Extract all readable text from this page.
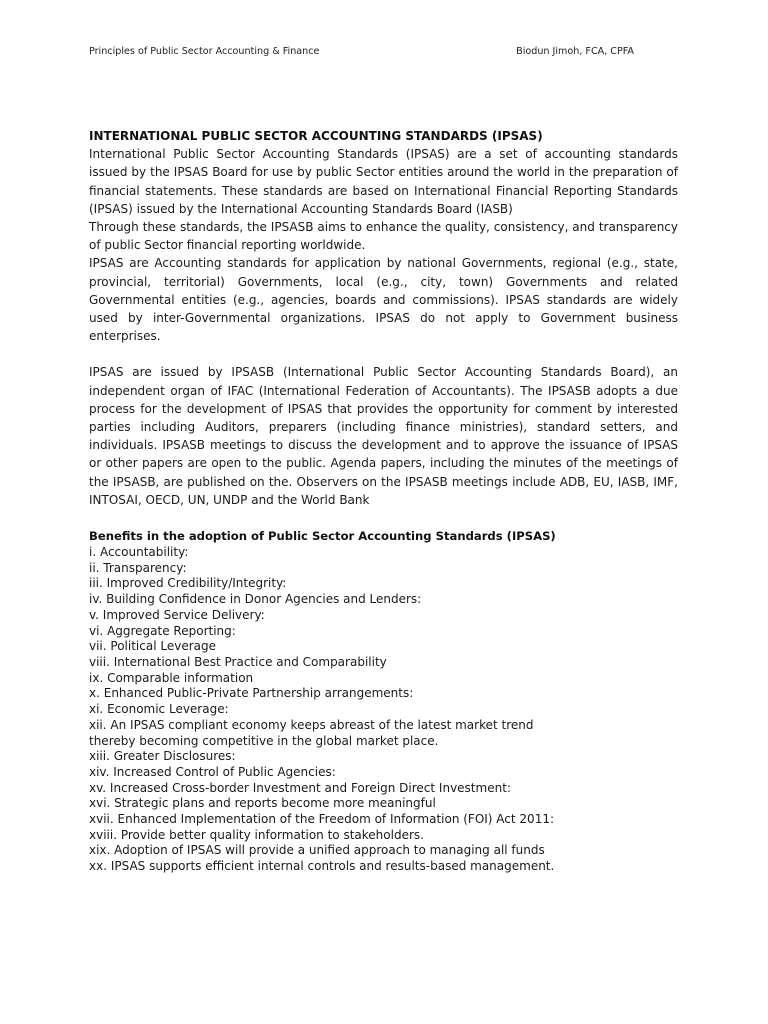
Principles of Public Sector Accounting & Finance	Biodun Jimoh, FCA, CPFA
INTERNATIONAL PUBLIC SECTOR ACCOUNTING STANDARDS (IPSAS)

International Public Sector Accounting Standards (IPSAS) are a set of accounting standards issued by the IPSAS Board for use by public Sector entities around the world in the preparation of financial statements. These standards are based on International Financial Reporting Standards (IPSAS) issued by the International Accounting Standards Board (IASB)

Through these standards, the IPSASB aims to enhance the quality, consistency, and transparency of public Sector financial reporting worldwide.

IPSAS are Accounting standards for application by national Governments, regional (e.g., state, provincial, territorial) Governments, local (e.g., city, town) Governments and related Governmental entities (e.g., agencies, boards and commissions). IPSAS standards are widely used by inter-Governmental organizations. IPSAS do not apply to Government business enterprises.

IPSAS are issued by IPSASB (International Public Sector Accounting Standards Board), an independent organ of IFAC (International Federation of Accountants). The IPSASB adopts a due process for the development of IPSAS that provides the opportunity for comment by interested parties including Auditors, preparers (including finance ministries), standard setters, and individuals. IPSASB meetings to discuss the development and to approve the issuance of IPSAS or other papers are open to the public. Agenda papers, including the minutes of the meetings of the IPSASB, are published on the. Observers on the IPSASB meetings include ADB, EU, IASB, IMF, INTOSAI, OECD, UN, UNDP and the World Bank

Benefits in the adoption of Public Sector Accounting Standards (IPSAS)
i. Accountability:
ii. Transparency:
iii. Improved Credibility/Integrity:
iv. Building Confidence in Donor Agencies and Lenders:
v. Improved Service Delivery:
vi. Aggregate Reporting:
vii. Political Leverage
viii. International Best Practice and Comparability
ix. Comparable information
x. Enhanced Public-Private Partnership arrangements:
xi. Economic Leverage:
xii. An IPSAS compliant economy keeps abreast of the latest market trend
thereby becoming competitive in the global market place.
xiii. Greater Disclosures:
xiv. Increased Control of Public Agencies:
xv. Increased Cross-border Investment and Foreign Direct Investment:
xvi. Strategic plans and reports become more meaningful
xvii. Enhanced Implementation of the Freedom of Information (FOI) Act 2011:
xviii. Provide better quality information to stakeholders.
xix. Adoption of IPSAS will provide a unified approach to managing all funds
xx. IPSAS supports efficient internal controls and results-based management.
